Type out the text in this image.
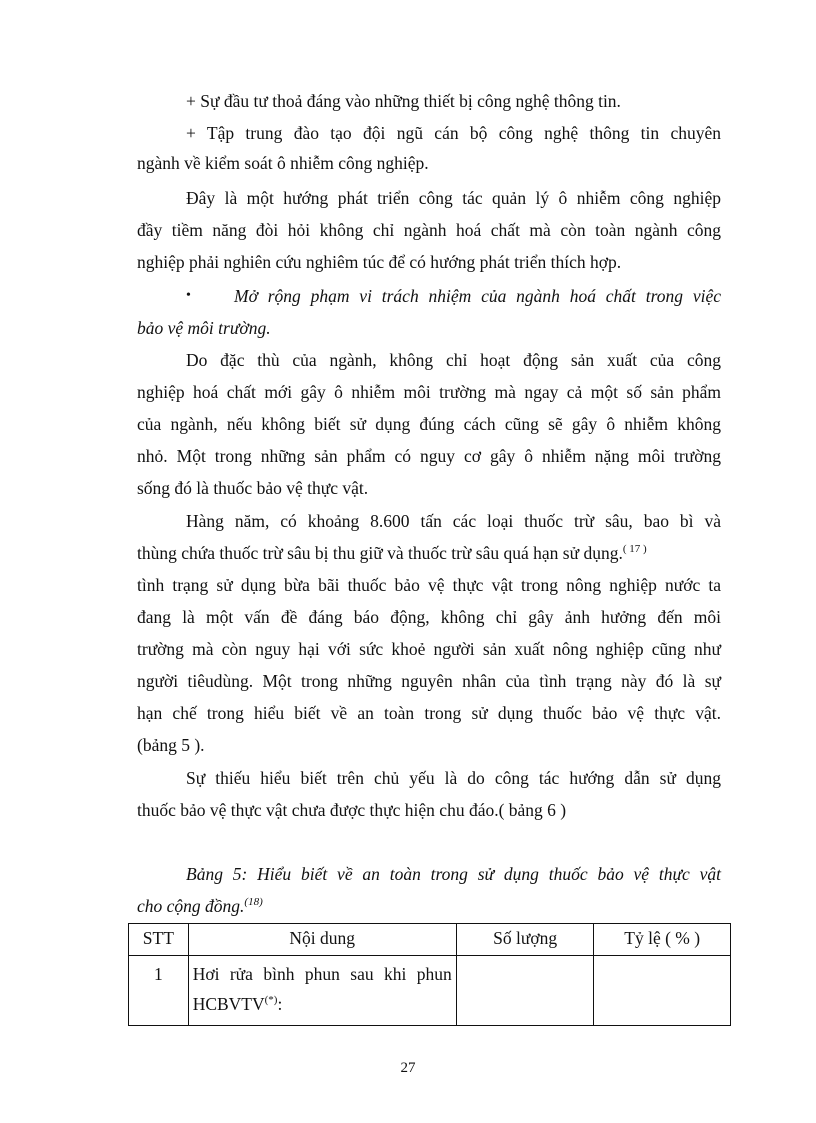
+ Sự đầu tư thoả đáng vào những thiết bị công nghệ thông tin.
+ Tập trung đào tạo đội ngũ cán bộ công nghệ thông tin chuyên
ngành về kiểm soát ô nhiễm công nghiệp.
Đây là một hướng phát triển công tác quản lý ô nhiễm công nghiệp
đầy tiềm năng đòi hỏi không chỉ ngành hoá chất mà còn toàn ngành công
nghiệp phải nghiên cứu nghiêm túc để có hướng phát triển thích hợp.
• Mở rộng phạm vi trách nhiệm của ngành hoá chất trong việc
bảo vệ môi trường.
Do đặc thù của ngành, không chỉ hoạt động sản xuất của công
nghiệp hoá chất mới gây ô nhiễm môi trường mà ngay cả một số sản phẩm
của ngành, nếu không biết sử dụng đúng cách cũng sẽ gây ô nhiễm không
nhỏ. Một trong những sản phẩm có nguy cơ gây ô nhiễm nặng môi trường
sống đó là thuốc bảo vệ thực vật.
Hàng năm, có khoảng 8.600 tấn các loại thuốc trừ sâu, bao bì và
thùng chứa thuốc trừ sâu bị thu giữ và thuốc trừ sâu quá hạn sử dụng.$^{( 17 )}$
tình trạng sử dụng bừa bãi thuốc bảo vệ thực vật trong nông nghiệp nước ta
đang là một vấn đề đáng báo động, không chỉ gây ảnh hưởng đến môi
trường mà còn nguy hại với sức khoẻ người sản xuất nông nghiệp cũng như
người tiêudùng. Một trong những nguyên nhân của tình trạng này đó là sự
hạn chế trong hiểu biết về an toàn trong sử dụng thuốc bảo vệ thực vật.
(bảng 5 ).
Sự thiếu hiểu biết trên chủ yếu là do công tác hướng dẫn sử dụng
thuốc bảo vệ thực vật chưa được thực hiện chu đáo.( bảng 6 )
Bảng 5: Hiểu biết về an toàn trong sử dụng thuốc bảo vệ thực vật
cho cộng đồng.$^{(18)}$
STT	Nội dung	Số lượng	Tỷ lệ ( % )
1	Hơi rửa bình phun sau khi phun
HCBVTV(*):		

27
